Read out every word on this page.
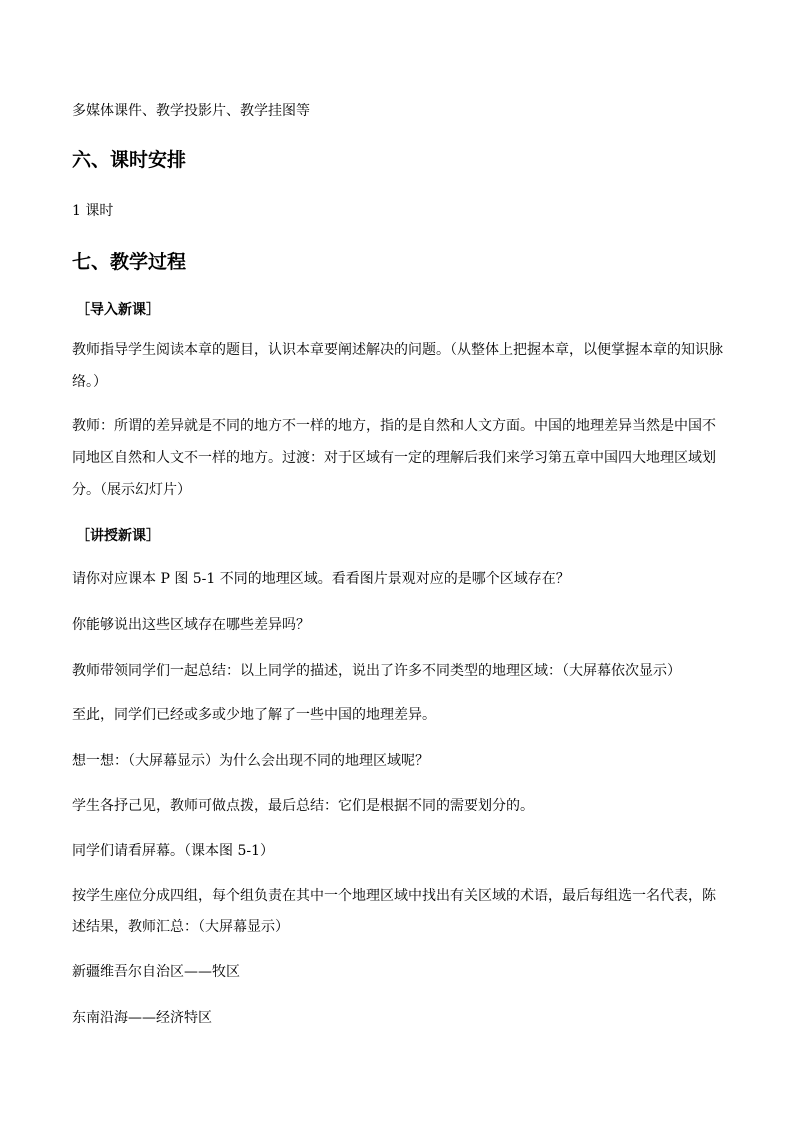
多媒体课件、教学投影片、教学挂图等

六、课时安排

1 课时

七、教学过程

［导入新课］

教师指导学生阅读本章的题目，认识本章要阐述解决的问题。（从整体上把握本章，以便掌握本章的知识脉

络。）

教师：所谓的差异就是不同的地方不一样的地方，指的是自然和人文方面。中国的地理差异当然是中国不

同地区自然和人文不一样的地方。过渡：对于区域有一定的理解后我们来学习第五章中国四大地理区域划

分。（展示幻灯片）

［讲授新课］

请你对应课本 P 图 5-1 不同的地理区域。看看图片景观对应的是哪个区域存在？

你能够说出这些区域存在哪些差异吗？

教师带领同学们一起总结：以上同学的描述，说出了许多不同类型的地理区域：（大屏幕依次显示）

至此，同学们已经或多或少地了解了一些中国的地理差异。

想一想：（大屏幕显示）为什么会出现不同的地理区域呢？

学生各抒己见，教师可做点拨，最后总结：它们是根据不同的需要划分的。

同学们请看屏幕。（课本图 5-1）

按学生座位分成四组，每个组负责在其中一个地理区域中找出有关区域的术语，最后每组选一名代表，陈

述结果，教师汇总：（大屏幕显示）

新疆维吾尔自治区——牧区

东南沿海——经济特区
